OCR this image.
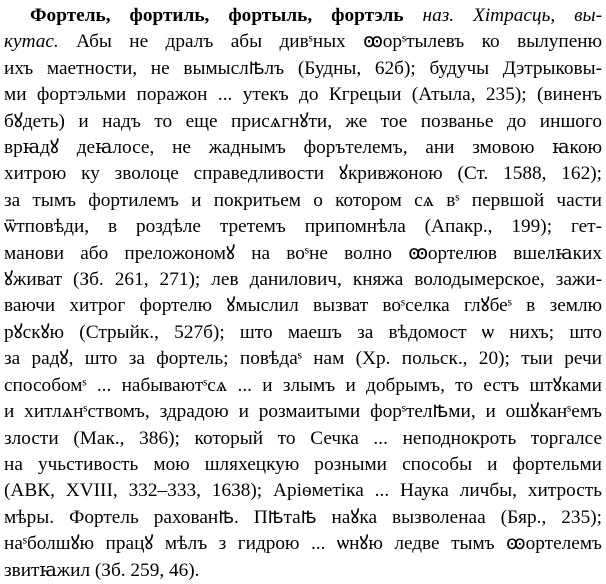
Фортель, фортиль, фортыль, фортэль наз. Хітрасць, вы-
кутас. Абы не дралъ абы дивˢных ꙭорˢтылевъ ко вылупеню
ихъ маетности, не вымыслꙓлъ (Будны, 62б); будучы Дэтрыковы-
ми фортэльми поражон ... утекъ до Кгрецыи (Атыла, 235); (виненъ
бꙋдеть) и надъ то еще присѧгнꙋти, же тое позванье до иншого
врꙗдꙋ деꙗлосе, не жаднымъ форътелемъ, ани змовою ꙗкою
хитрою ку зволоце справедливости ꙋкривжоною (Ст. 1588, 162);
за тымъ фортилемъ и покритьем о котором сѧ вˢ первшой части
ѿтповѣди, в роздѣле третемъ припомнѣла (Апакр., 199); гет-
манови або преложономꙋ на воˢне волно ꙭортелюв вшелꙗких
ꙋживат (Зб. 261, 271); лев данилович, княжа володымерское, зажи-
ваючи хитрог фортелю ꙋмыслил вызват воˢселка глꙋбеˢ в землю
рꙋскꙋю (Стрыйк., 527б); што маешъ за вѣдомост ѡ нихъ; што
за радꙋ, што за фортель; повѣдаˢ нам (Хр. польск., 20); тыи речи
способомˢ ... набываютˢсѧ ... и злымъ и добрымъ, то естъ штꙋками
и хитлѧнˢствомъ, здрадою и розмаитыми форˢтелꙓми, и ошꙋканˢемъ
злости (Мак., 386); который то Сечка ... неподнокроть торгалсе
на учьстивость мою шляхецкую розными способы и фортельми
(АВК, XVIII, 332–333, 1638); Аріѳметіка ... Наука личбы, хитрость
мѣры. Фортель рахованꙓ. Пꙓтаꙓ наꙋка вызволенаа (Бяр., 235);
наˢболшꙋю працꙋ мѣлъ з гидрою ... ѡнꙋю ледве тымъ ꙭортелемъ
звитꙗжил (Зб. 259, 46).
